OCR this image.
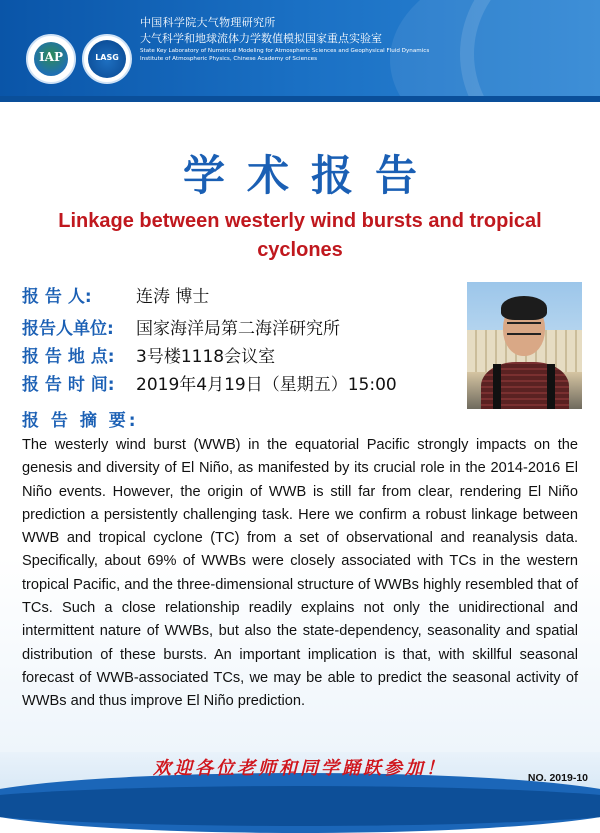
IAP	LASG
中国科学院大气物理研究所
大气科学和地球流体力学数值模拟国家重点实验室
State Key Laboratory of Numerical Modeling for Atmospheric Sciences and Geophysical Fluid Dynamics
Institute of Atmospheric Physics, Chinese Academy of Sciences
学术报告
Linkage between westerly wind bursts and tropical cyclones
报 告 人:	连涛 博士
报告人单位: 国家海洋局第二海洋研究所
报 告 地 点: 3号楼1118会议室
报 告 时 间: 2019年4月19日（星期五）15:00
报 告 摘 要:
The westerly wind burst (WWB) in the equatorial Pacific strongly impacts on the genesis and diversity of El Niño, as manifested by its crucial role in the 2014-2016 El Niño events. However, the origin of WWB is still far from clear, rendering El Niño prediction a persistently challenging task. Here we confirm a robust linkage between WWB and tropical cyclone (TC) from a set of observational and reanalysis data. Specifically, about 69% of WWBs were closely associated with TCs in the western tropical Pacific, and the three-dimensional structure of WWBs highly resembled that of TCs. Such a close relationship readily explains not only the unidirectional and intermittent nature of WWBs, but also the state-dependency, seasonality and spatial distribution of these bursts. An important implication is that, with skillful seasonal forecast of WWB-associated TCs, we may be able to predict the seasonal activity of WWBs and thus improve El Niño prediction.
欢迎各位老师和同学踊跃参加！	NO. 2019-10
